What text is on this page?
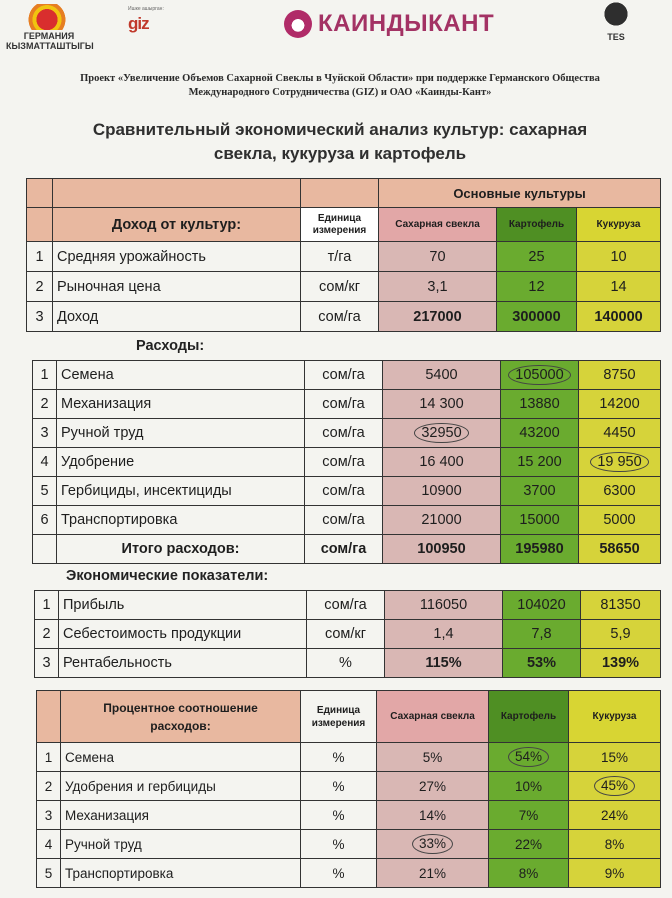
ГЕРМАНИЯ
КЫЗМАТТАШТЫГЫ
Ишке ашырган:
giz	КАИНДЫКАНТ	TES
Проект «Увеличение Объемов Сахарной Свеклы в Чуйской Области» при поддержке Германского Общества Международного Сотрудничества (GIZ) и ОАО «Каинды-Кант»
Сравнительный экономический анализ культур: сахарная свекла, кукуруза и картофель
			Основные культуры		
	Доход от культур:	Единица измерения	Сахарная свекла	Картофель	Кукуруза
1	Средняя урожайность	т/га	70	25	10
2	Рыночная цена	сом/кг	3,1	12	14
3	Доход	сом/га	217000	300000	140000
Расходы:
1	Семена	сом/га	5400	105000	8750
2	Механизация	сом/га	14 300	13880	14200
3	Ручной труд	сом/га	32950	43200	4450
4	Удобрение	сом/га	16 400	15 200	19 950
5	Гербициды, инсектициды	сом/га	10900	3700	6300
6	Транспортировка	сом/га	21000	15000	5000
	Итого расходов:	сом/га	100950	195980	58650
Экономические показатели:
1	Прибыль	сом/га	116050	104020	81350
2	Себестоимость продукции	сом/кг	1,4	7,8	5,9
3	Рентабельность	%	115%	53%	139%

	Процентное соотношение
расходов:	Единица измерения	Сахарная свекла	Картофель	Кукуруза
1	Семена	%	5%	54%	15%
2	Удобрения и гербициды	%	27%	10%	45%
3	Механизация	%	14%	7%	24%
4	Ручной труд	%	33%	22%	8%
5	Транспортировка	%	21%	8%	9%
